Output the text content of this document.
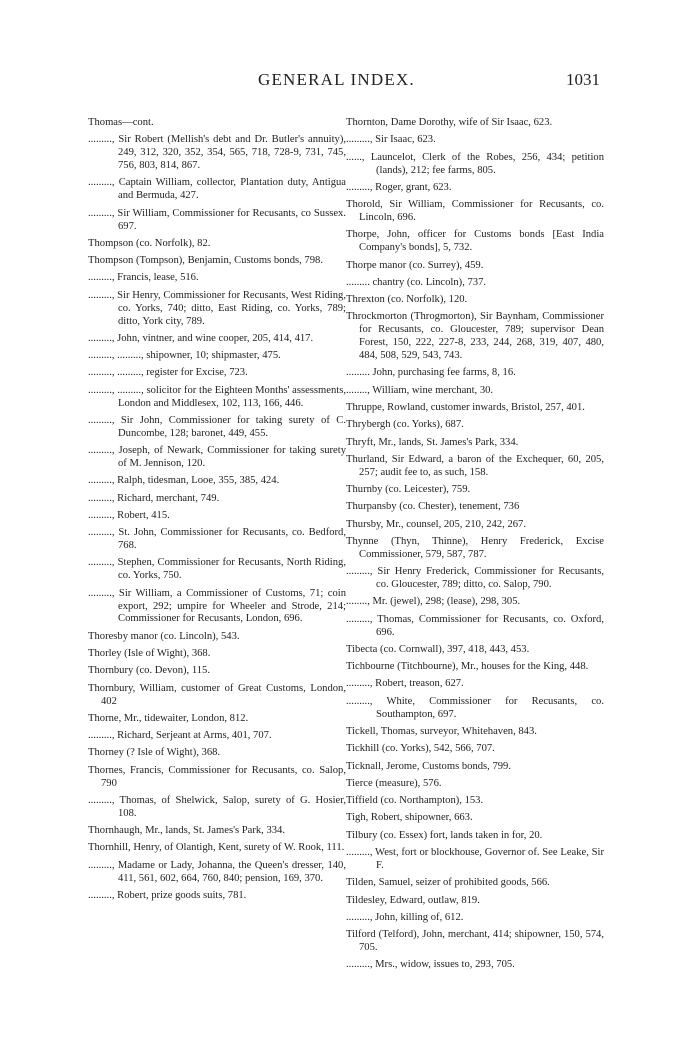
GENERAL INDEX.	1031

Thomas—cont.

........., Sir Robert (Mellish's debt and Dr. Butler's annuity), 249, 312, 320, 352, 354, 565, 718, 728-9, 731, 745, 756, 803, 814, 867.

........., Captain William, collector, Plantation duty, Antigua and Bermuda, 427.

........., Sir William, Commissioner for Recusants, co Sussex. 697.

Thompson (co. Norfolk), 82.

Thompson (Tompson), Benjamin, Customs bonds, 798.

........., Francis, lease, 516.

........., Sir Henry, Commissioner for Recusants, West Riding, co. Yorks, 740; ditto, East Riding, co. Yorks, 789; ditto, York city, 789.

........., John, vintner, and wine cooper, 205, 414, 417.

........., ........., shipowner, 10; shipmaster, 475.

........., ........., register for Excise, 723.

........., ........., solicitor for the Eighteen Months' assessments, London and Middlesex, 102, 113, 166, 446.

........., Sir John, Commissioner for taking surety of C. Duncombe, 128; baronet, 449, 455.

........., Joseph, of Newark, Commissioner for taking surety of M. Jennison, 120.

........., Ralph, tidesman, Looe, 355, 385, 424.

........., Richard, merchant, 749.

........., Robert, 415.

........., St. John, Commissioner for Recusants, co. Bedford, 768.

........., Stephen, Commissioner for Recusants, North Riding, co. Yorks, 750.

........., Sir William, a Commissioner of Customs, 71; coin export, 292; umpire for Wheeler and Strode, 214; Commissioner for Recusants, London, 696.

Thoresby manor (co. Lincoln), 543.

Thorley (Isle of Wight), 368.

Thornbury (co. Devon), 115.

Thornbury, William, customer of Great Customs, London, 402

Thorne, Mr., tidewaiter, London, 812.

........., Richard, Serjeant at Arms, 401, 707.

Thorney (? Isle of Wight), 368.

Thornes, Francis, Commissioner for Recusants, co. Salop, 790

........., Thomas, of Shelwick, Salop, surety of G. Hosier, 108.

Thornhaugh, Mr., lands, St. James's Park, 334.

Thornhill, Henry, of Olantigh, Kent, surety of W. Rook, 111.

........., Madame or Lady, Johanna, the Queen's dresser, 140, 411, 561, 602, 664, 760, 840; pension, 169, 370.

........., Robert, prize goods suits, 781.

Thornton, Dame Dorothy, wife of Sir Isaac, 623.

........., Sir Isaac, 623.

......, Launcelot, Clerk of the Robes, 256, 434; petition (lands), 212; fee farms, 805.

........., Roger, grant, 623.

Thorold, Sir William, Commissioner for Recusants, co. Lincoln, 696.

Thorpe, John, officer for Customs bonds [East India Company's bonds], 5, 732.

Thorpe manor (co. Surrey), 459.

......... chantry (co. Lincoln), 737.

Threxton (co. Norfolk), 120.

Throckmorton (Throgmorton), Sir Baynham, Commissioner for Recusants, co. Gloucester, 789; supervisor Dean Forest, 150, 222, 227-8, 233, 244, 268, 319, 407, 480, 484, 508, 529, 543, 743.

......... John, purchasing fee farms, 8, 16.

........, William, wine merchant, 30.

Thruppe, Rowland, customer inwards, Bristol, 257, 401.

Thrybergh (co. Yorks), 687.

Thryft, Mr., lands, St. James's Park, 334.

Thurland, Sir Edward, a baron of the Exchequer, 60, 205, 257; audit fee to, as such, 158.

Thurnby (co. Leicester), 759.

Thurpansby (co. Chester), tenement, 736

Thursby, Mr., counsel, 205, 210, 242, 267.

Thynne (Thyn, Thinne), Henry Frederick, Excise Commissioner, 579, 587, 787.

........., Sir Henry Frederick, Commissioner for Recusants, co. Gloucester, 789; ditto, co. Salop, 790.

........, Mr. (jewel), 298; (lease), 298, 305.

........., Thomas, Commissioner for Recusants, co. Oxford, 696.

Tibecta (co. Cornwall), 397, 418, 443, 453.

Tichbourne (Titchbourne), Mr., houses for the King, 448.

........., Robert, treason, 627.

........., White, Commissioner for Recusants, co. Southampton, 697.

Tickell, Thomas, surveyor, Whitehaven, 843.

Tickhill (co. Yorks), 542, 566, 707.

Ticknall, Jerome, Customs bonds, 799.

Tierce (measure), 576.

Tiffield (co. Northampton), 153.

Tigh, Robert, shipowner, 663.

Tilbury (co. Essex) fort, lands taken in for, 20.

........., West, fort or blockhouse, Governor of. See Leake, Sir F.

Tilden, Samuel, seizer of prohibited goods, 566.

Tildesley, Edward, outlaw, 819.

........., John, killing of, 612.

Tilford (Telford), John, merchant, 414; shipowner, 150, 574, 705.

........., Mrs., widow, issues to, 293, 705.
